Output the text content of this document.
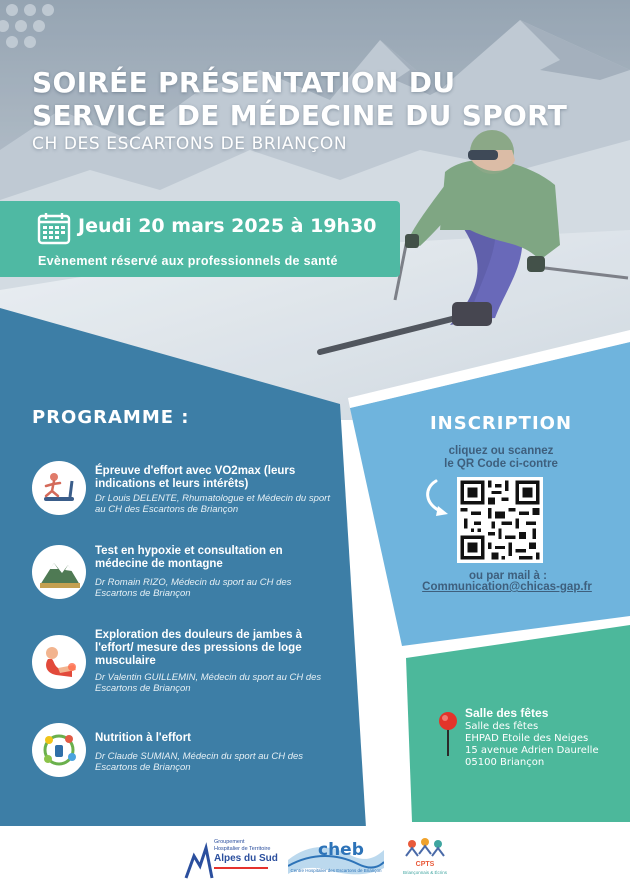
SOIRÉE PRÉSENTATION DU
SERVICE DE MÉDECINE DU SPORT
CH DES ESCARTONS DE BRIANÇON
Jeudi 20 mars 2025 à 19h30
Evènement réservé aux professionnels de santé
PROGRAMME :
Épreuve d'effort avec VO2max (leurs indications et leurs intérêts)
Dr Louis DELENTE, Rhumatologue et Médecin du sport au CH des Escartons de Briançon
Test en hypoxie et consultation en médecine de montagne
Dr Romain RIZO, Médecin du sport au CH des Escartons de Briançon
Exploration des douleurs de jambes à l'effort/ mesure des pressions de loge musculaire
Dr Valentin GUILLEMIN, Médecin du sport au CH des Escartons de Briançon
Nutrition à l'effort
Dr Claude SUMIAN, Médecin du sport au CH des Escartons de Briançon
INSCRIPTION
cliquez ou scannez
le QR Code ci-contre
ou par mail à :
Communication@chicas-gap.fr
Salle des fêtes
Salle des fêtes
EHPAD Etoile des Neiges
15 avenue Adrien Daurelle
05100 Briançon
Groupement
Hospitalier de Territoire
Alpes du Sud cheb
Centre Hospitalier des Escartons de Briançon
CPTS
Briançonnais & Écrins
